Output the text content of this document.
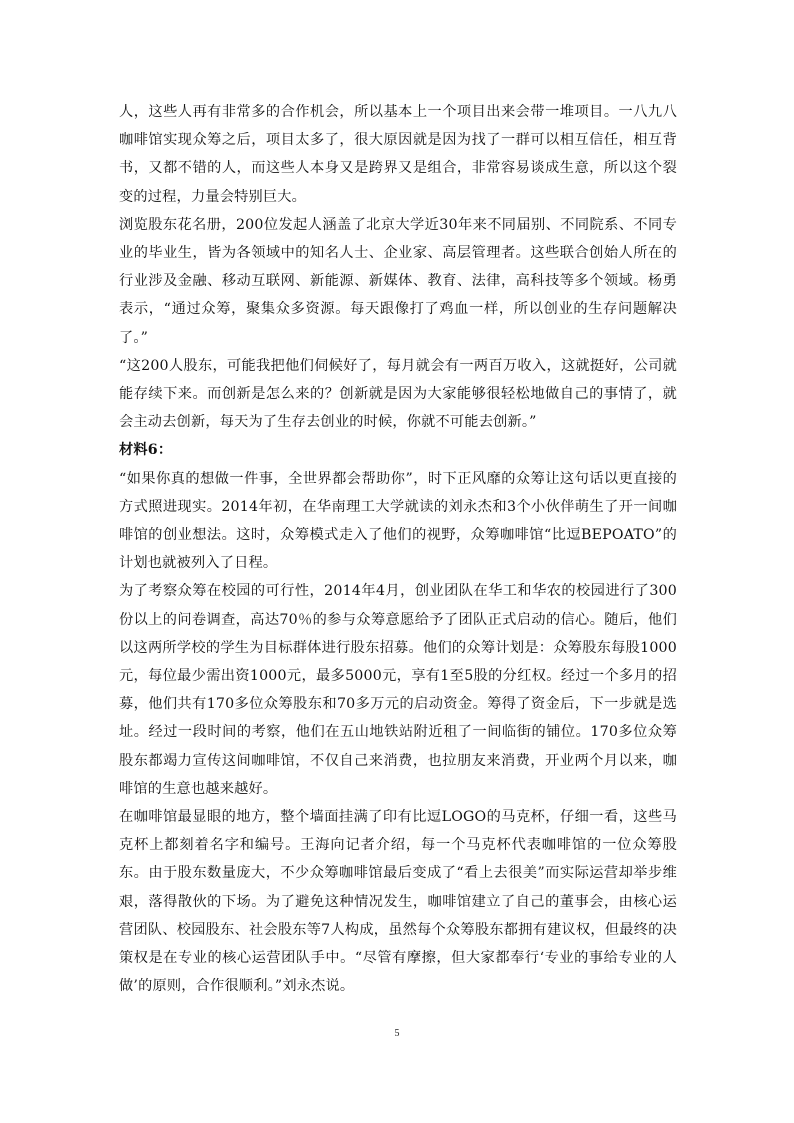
人，这些人再有非常多的合作机会，所以基本上一个项目出来会带一堆项目。一八九八咖啡馆实现众筹之后，项目太多了，很大原因就是因为找了一群可以相互信任，相互背书，又都不错的人，而这些人本身又是跨界又是组合，非常容易谈成生意，所以这个裂变的过程，力量会特别巨大。

浏览股东花名册，200位发起人涵盖了北京大学近30年来不同届别、不同院系、不同专业的毕业生，皆为各领域中的知名人士、企业家、高层管理者。这些联合创始人所在的行业涉及金融、移动互联网、新能源、新媒体、教育、法律，高科技等多个领域。杨勇表示，“通过众筹，聚集众多资源。每天跟像打了鸡血一样，所以创业的生存问题解决了。”

“这200人股东，可能我把他们伺候好了，每月就会有一两百万收入，这就挺好，公司就能存续下来。而创新是怎么来的？创新就是因为大家能够很轻松地做自己的事情了，就会主动去创新，每天为了生存去创业的时候，你就不可能去创新。”

材料6：

“如果你真的想做一件事，全世界都会帮助你”，时下正风靡的众筹让这句话以更直接的方式照进现实。2014年初，在华南理工大学就读的刘永杰和3个小伙伴萌生了开一间咖啡馆的创业想法。这时，众筹模式走入了他们的视野，众筹咖啡馆“比逗BEPOATO”的计划也就被列入了日程。

为了考察众筹在校园的可行性，2014年4月，创业团队在华工和华农的校园进行了300份以上的问卷调查，高达70％的参与众筹意愿给予了团队正式启动的信心。随后，他们以这两所学校的学生为目标群体进行股东招募。他们的众筹计划是：众筹股东每股1000元，每位最少需出资1000元，最多5000元，享有1至5股的分红权。经过一个多月的招募，他们共有170多位众筹股东和70多万元的启动资金。筹得了资金后，下一步就是选址。经过一段时间的考察，他们在五山地铁站附近租了一间临街的铺位。170多位众筹股东都竭力宣传这间咖啡馆，不仅自己来消费，也拉朋友来消费，开业两个月以来，咖啡馆的生意也越来越好。

在咖啡馆最显眼的地方，整个墙面挂满了印有比逗LOGO的马克杯，仔细一看，这些马克杯上都刻着名字和编号。王海向记者介绍，每一个马克杯代表咖啡馆的一位众筹股东。由于股东数量庞大，不少众筹咖啡馆最后变成了“看上去很美”而实际运营却举步维艰，落得散伙的下场。为了避免这种情况发生，咖啡馆建立了自己的董事会，由核心运营团队、校园股东、社会股东等7人构成，虽然每个众筹股东都拥有建议权，但最终的决策权是在专业的核心运营团队手中。“尽管有摩擦，但大家都奉行‘专业的事给专业的人做’的原则，合作很顺利。”刘永杰说。

5
